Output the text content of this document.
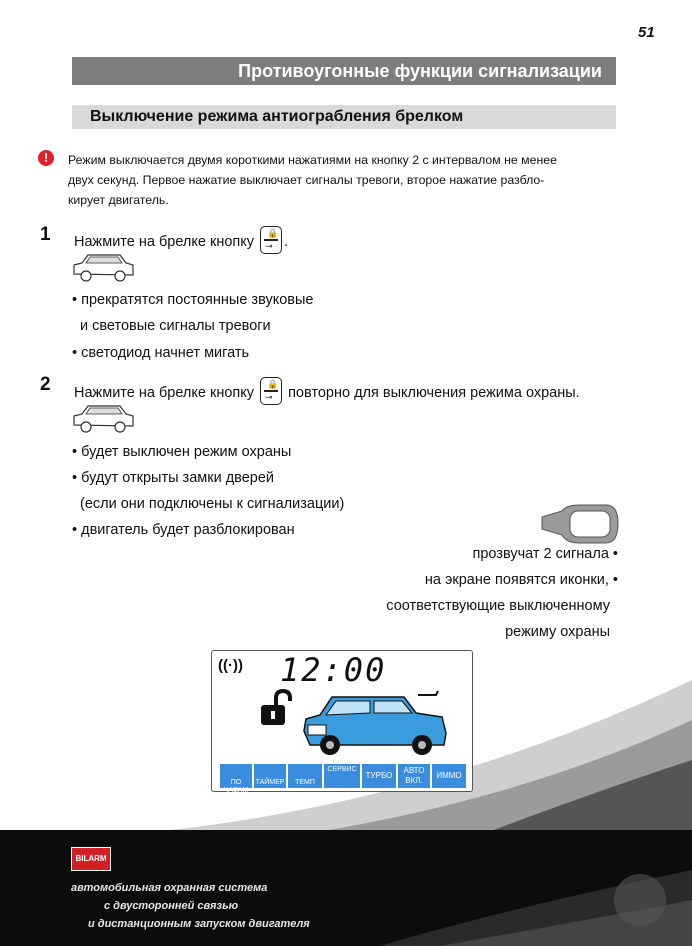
51
Противоугонные функции сигнализации
Выключение режима антиограбления брелком
!	Режим выключается двумя короткими нажатиями на кнопку 2 с интервалом не менее
двух секунд. Первое нажатие выключает сигналы тревоги, второе нажатие разбло-
кирует двигатель.
1 Нажмите на брелке кнопку
🔒
⊸ .
• прекратятся постоянные звуковые
и световые сигналы тревоги
• светодиод начнет мигать
2 Нажмите на брелке кнопку
🔒
⊸ повторно для выключения режима охраны.
• будет выключен режим охраны
• будут открыты замки дверей
(если они подключены к сигнализации)
• двигатель будет разблокирован
прозвучат 2 сигнала •
на экране появятся иконки, •
соответствующие выключенному
режиму охраны
((·)) 12:00
ПО ЧАСАМ
ТАЙМЕР	ТЕМП
СЕРВИС
ТУРБО
АВТО
ВКЛ.
ИММО
BILARM
автомобильная охранная система
с двусторонней связью
и дистанционным запуском двигателя
